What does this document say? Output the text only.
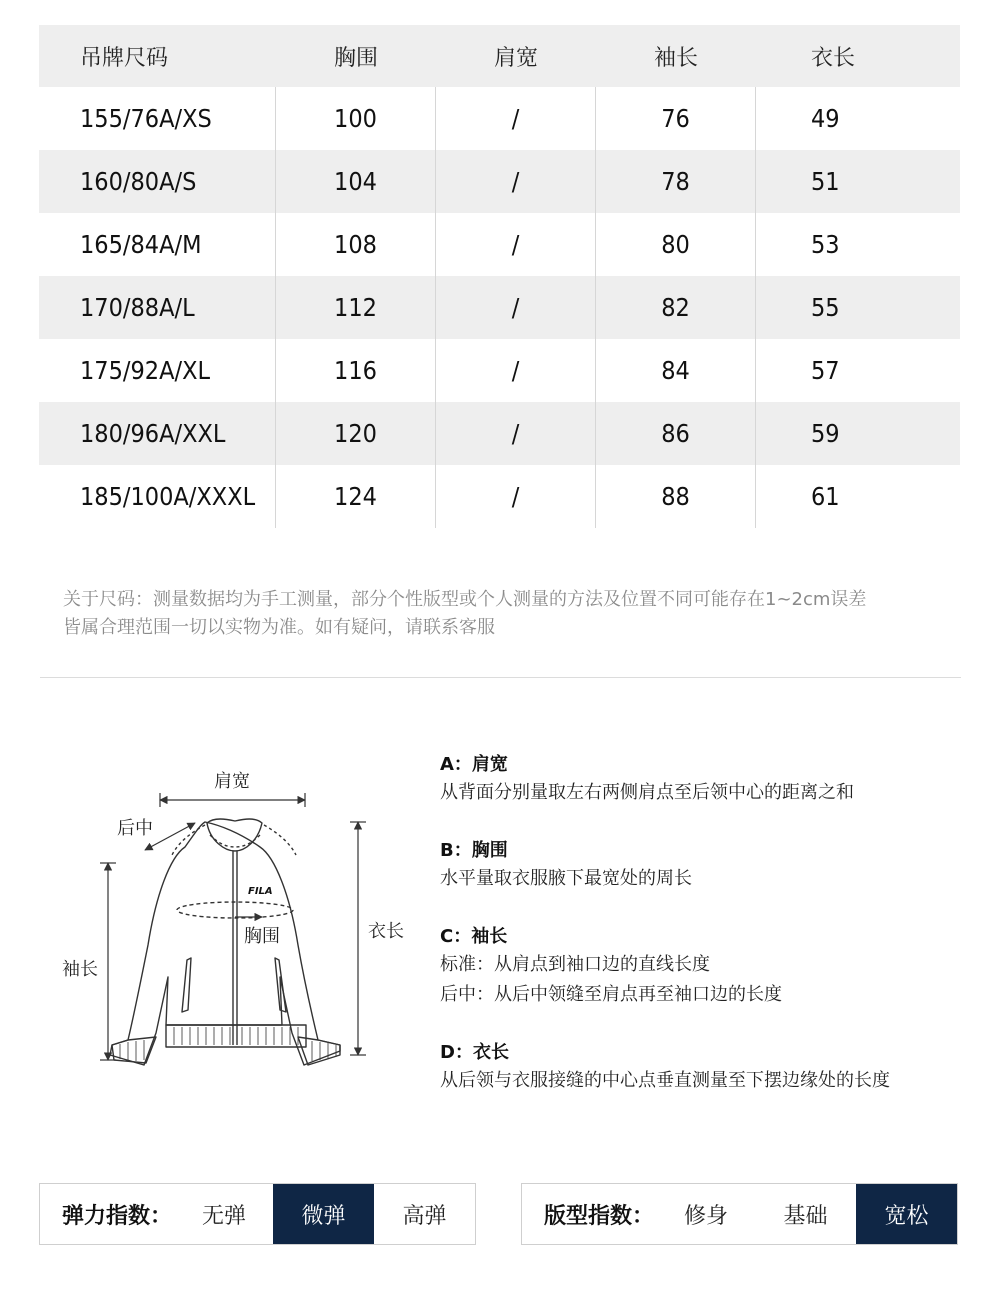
吊牌尺码	胸围	肩宽	袖长	衣长
155/76A/XS	100	/	76	49
160/80A/S	104	/	78	51
165/84A/M	108	/	80	53
170/88A/L	112	/	82	55
175/92A/XL	116	/	84	57
180/96A/XXL	120	/	86	59
185/100A/XXXL	124	/	88	61
关于尺码：测量数据均为手工测量，部分个性版型或个人测量的方法及位置不同可能存在1~2cm误差
皆属合理范围一切以实物为准。如有疑问，请联系客服
FILA
肩宽
后中
胸围
袖长
衣长
A：肩宽
从背面分别量取左右两侧肩点至后领中心的距离之和
B：胸围
水平量取衣服腋下最宽处的周长
C：袖长
标准：从肩点到袖口边的直线长度
后中：从后中领缝至肩点再至袖口边的长度
D：衣长
从后领与衣服接缝的中心点垂直测量至下摆边缘处的长度
弹力指数：	无弹	微弹	高弹	版型指数：	修身	基础	宽松
